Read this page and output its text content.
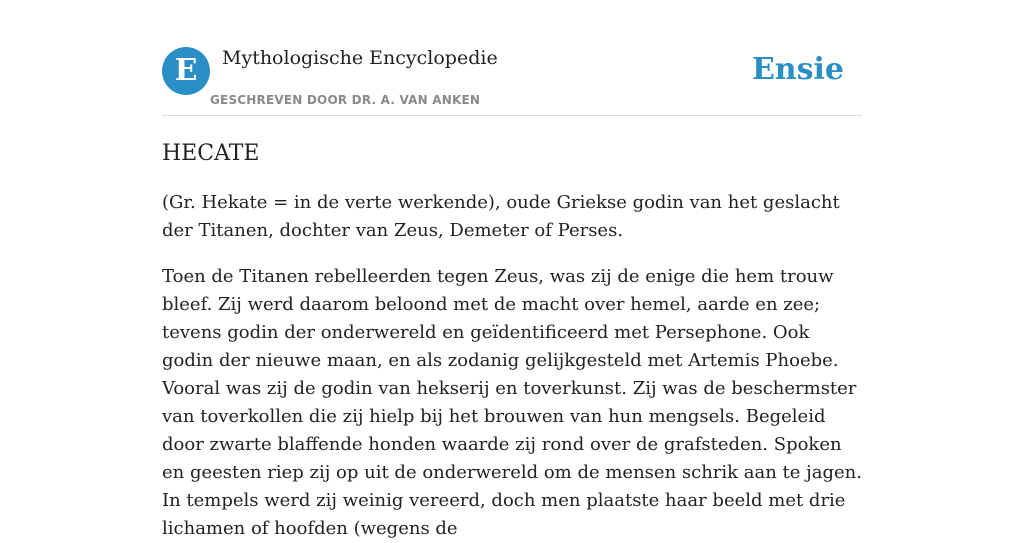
E	Mythologische Encyclopedie
GESCHREVEN DOOR DR. A. VAN ANKEN
Ensie
HECATE

(Gr. Hekate = in de verte werkende), oude Griekse godin van het geslacht der Titanen, dochter van Zeus, Demeter of Perses.

Toen de Titanen rebelleerden tegen Zeus, was zij de enige die hem trouw bleef. Zij werd daarom beloond met de macht over hemel, aarde en zee; tevens godin der onderwereld en geïdentificeerd met Persephone. Ook godin der nieuwe maan, en als zodanig gelijkgesteld met Artemis Phoebe. Vooral was zij de godin van hekserij en toverkunst. Zij was de beschermster van toverkollen die zij hielp bij het brouwen van hun mengsels. Begeleid door zwarte blaffende honden waarde zij rond over de grafsteden. Spoken en geesten riep zij op uit de onderwereld om de mensen schrik aan te jagen. In tempels werd zij weinig vereerd, doch men plaatste haar beeld met drie lichamen of hoofden (wegens de
